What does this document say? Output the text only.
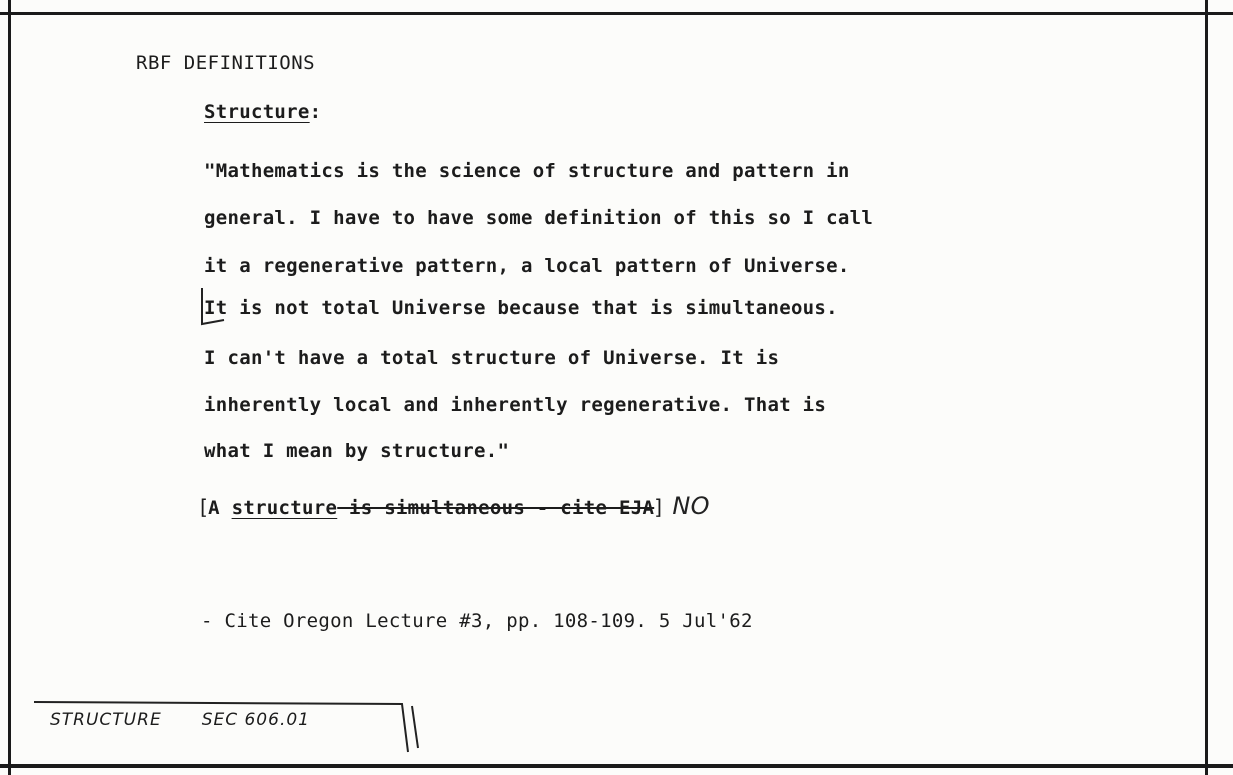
RBF DEFINITIONS
Structure:
"Mathematics is the science of structure and pattern in
general. I have to have some definition of this so I call
it a regenerative pattern, a local pattern of Universe.
It is not total Universe because that is simultaneous.
I can't have a total structure of Universe. It is
inherently local and inherently regenerative. That is
what I mean by structure."
[A structure is simultaneous - cite EJA] NO
- Cite Oregon Lecture #3, pp. 108-109. 5 Jul'62
STRUCTURE SEC 606.01
